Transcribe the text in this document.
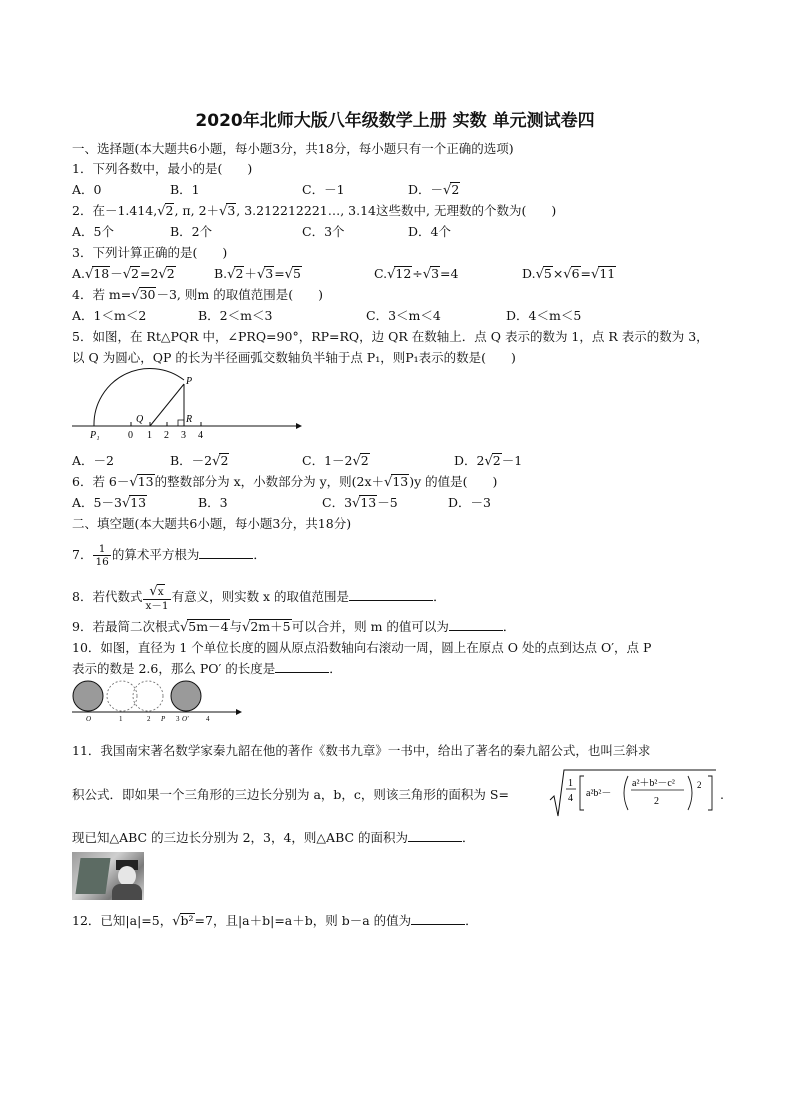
2020年北师大版八年级数学上册 实数 单元测试卷四
一、选择题(本大题共6小题，每小题3分，共18分，每小题只有一个正确的选项)
1．下列各数中，最小的是(　　)
A．0	B．1	C．－1	D．－√2
2．在－1.414,√2, π, 2＋√3, 3.212212221…, 3.14这些数中, 无理数的个数为(　　)
A．5个	B．2个	C．3个	D．4个
3．下列计算正确的是(　　)
A.√18－√2=2√2	B.√2＋√3=√5	C.√12÷√3=4	D.√5×√6=√11
4．若 m=√30－3, 则m 的取值范围是(　　)
A．1＜m＜2	B．2＜m＜3	C．3＜m＜4	D．4＜m＜5
5．如图，在 Rt△PQR 中，∠PRQ=90°，RP=RQ，边 QR 在数轴上．点 Q 表示的数为 1，点 R 表示的数为 3，
以 Q 为圆心，QP 的长为半径画弧交数轴负半轴于点 P₁，则P₁表示的数是(　　)
P
Q	R
P₁	0 1 2 3 4
A．－2	B．－2√2	C．1－2√2	D．2√2－1
6．若 6－√13的整数部分为 x，小数部分为 y，则(2x＋√13)y 的值是(　　)
A．5－3√13	B．3	C．3√13－5	D．－3
二、填空题(本大题共6小题，每小题3分，共18分)
7． $\frac{1}{16}$ 的算术平方根为	．
8．若代数式 $\frac{√x}{x-1}$ 有意义，则实数 x 的取值范围是	．
9．若最简二次根式√5m－4与√2m＋5可以合并，则 m 的值可以为	．
10．如图，直径为 1 个单位长度的圆从原点沿数轴向右滚动一周，圆上在原点 O 处的点到达点 O′，点 P
表示的数是 2.6，那么 PO′ 的长度是	．
O	1	2 P 3 O′ 4
11．我国南宋著名数学家秦九韶在他的著作《数书九章》一书中，给出了著名的秦九韶公式，也叫三斜求
积公式．即如果一个三角形的三边长分别为 a，b，c，则该三角形的面积为 S=
1
4 a²b²－
a²＋b²－c²
2
2
.
现已知△ABC 的三边长分别为 2，3，4，则△ABC 的面积为	．
12．已知|a|=5，√b²=7，且|a＋b|=a＋b，则 b－a 的值为	．
